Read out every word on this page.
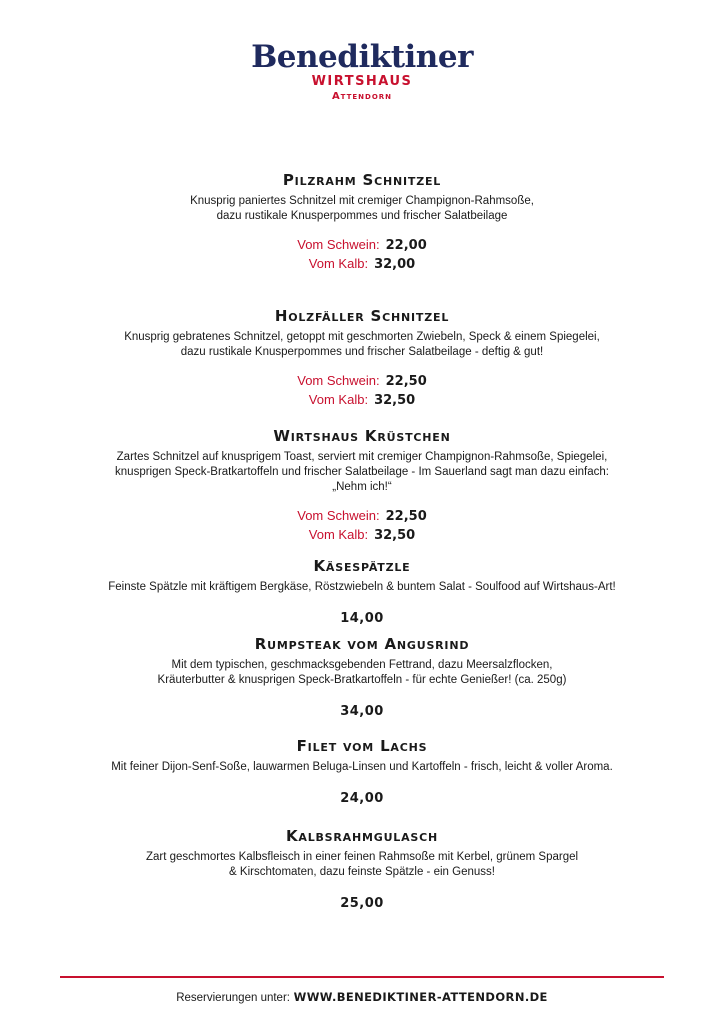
Benediktiner
WIRTSHAUS
Attendorn
Pilzrahm Schnitzel

Knusprig paniertes Schnitzel mit cremiger Champignon-Rahmsoße,
dazu rustikale Knusperpommes und frischer Salatbeilage

Vom Schwein: 22,00
Vom Kalb: 32,00
Holzfäller Schnitzel

Knusprig gebratenes Schnitzel, getoppt mit geschmorten Zwiebeln, Speck & einem Spiegelei,
dazu rustikale Knusperpommes und frischer Salatbeilage - deftig & gut!

Vom Schwein: 22,50
Vom Kalb: 32,50
Wirtshaus Krüstchen

Zartes Schnitzel auf knusprigem Toast, serviert mit cremiger Champignon-Rahmsoße, Spiegelei,
knusprigen Speck-Bratkartoffeln und frischer Salatbeilage - Im Sauerland sagt man dazu einfach:
„Nehm ich!“

Vom Schwein: 22,50
Vom Kalb: 32,50
Käsespätzle

Feinste Spätzle mit kräftigem Bergkäse, Röstzwiebeln & buntem Salat - Soulfood auf Wirtshaus-Art!

14,00
Rumpsteak vom Angusrind

Mit dem typischen, geschmacksgebenden Fettrand, dazu Meersalzflocken,
Kräuterbutter & knusprigen Speck-Bratkartoffeln - für echte Genießer! (ca. 250g)

34,00
Filet vom Lachs

Mit feiner Dijon-Senf-Soße, lauwarmen Beluga-Linsen und Kartoffeln - frisch, leicht & voller Aroma.

24,00
Kalbsrahmgulasch

Zart geschmortes Kalbsfleisch in einer feinen Rahmsoße mit Kerbel, grünem Spargel
& Kirschtomaten, dazu feinste Spätzle - ein Genuss!

25,00
Reservierungen unter: WWW.BENEDIKTINER-ATTENDORN.DE
